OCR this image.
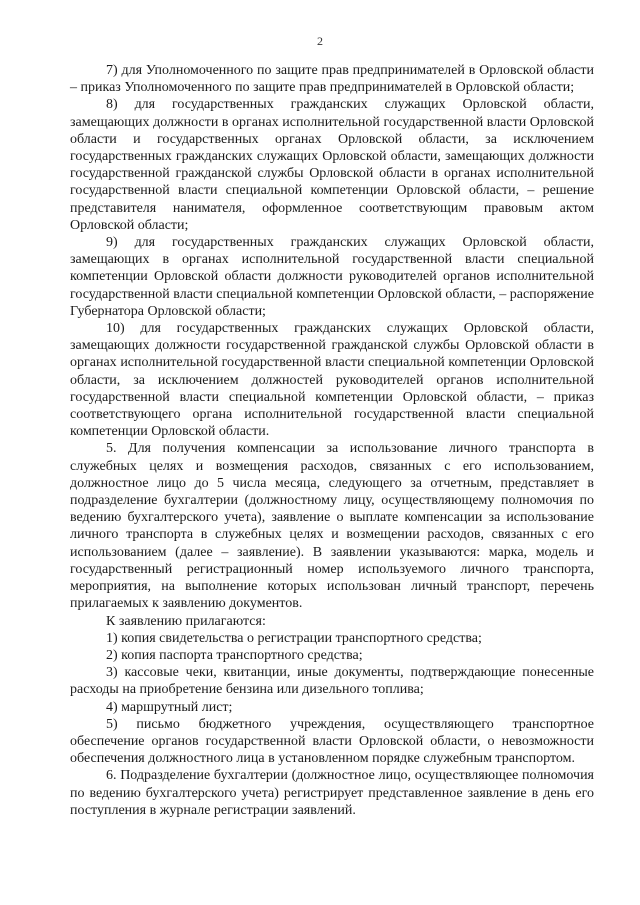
2

7) для Уполномоченного по защите прав предпринимателей в Орловской области – приказ Уполномоченного по защите прав предпринимателей в Орловской области;

8) для государственных гражданских служащих Орловской области, замещающих должности в органах исполнительной государственной власти Орловской области и государственных органах Орловской области, за исключением государственных гражданских служащих Орловской области, замещающих должности государственной гражданской службы Орловской области в органах исполнительной государственной власти специальной компетенции Орловской области, – решение представителя нанимателя, оформленное соответствующим правовым актом Орловской области;

9) для государственных гражданских служащих Орловской области, замещающих в органах исполнительной государственной власти специальной компетенции Орловской области должности руководителей органов исполнительной государственной власти специальной компетенции Орловской области, – распоряжение Губернатора Орловской области;

10) для государственных гражданских служащих Орловской области, замещающих должности государственной гражданской службы Орловской области в органах исполнительной государственной власти специальной компетенции Орловской области, за исключением должностей руководителей органов исполнительной государственной власти специальной компетенции Орловской области, – приказ соответствующего органа исполнительной государственной власти специальной компетенции Орловской области.

5. Для получения компенсации за использование личного транспорта в служебных целях и возмещения расходов, связанных с его использованием, должностное лицо до 5 числа месяца, следующего за отчетным, представляет в подразделение бухгалтерии (должностному лицу, осуществляющему полномочия по ведению бухгалтерского учета), заявление о выплате компенсации за использование личного транспорта в служебных целях и возмещении расходов, связанных с его использованием (далее – заявление). В заявлении указываются: марка, модель и государственный регистрационный номер используемого личного транспорта, мероприятия, на выполнение которых использован личный транспорт, перечень прилагаемых к заявлению документов.

К заявлению прилагаются:

1) копия свидетельства о регистрации транспортного средства;

2) копия паспорта транспортного средства;

3) кассовые чеки, квитанции, иные документы, подтверждающие понесенные расходы на приобретение бензина или дизельного топлива;

4) маршрутный лист;

5) письмо бюджетного учреждения, осуществляющего транспортное обеспечение органов государственной власти Орловской области, о невозможности обеспечения должностного лица в установленном порядке служебным транспортом.

6. Подразделение бухгалтерии (должностное лицо, осуществляющее полномочия по ведению бухгалтерского учета) регистрирует представленное заявление в день его поступления в журнале регистрации заявлений.
